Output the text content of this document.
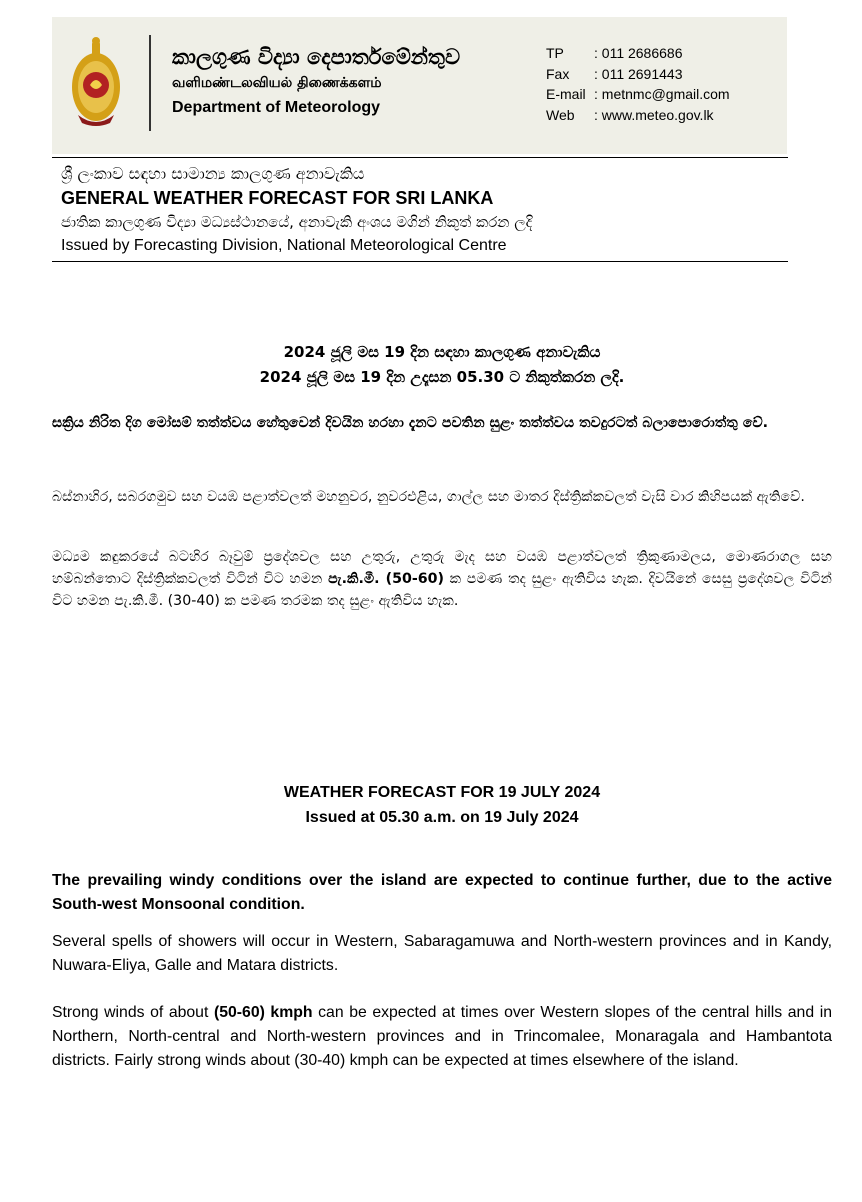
කාලගුණ විද්‍යා දෙපාර්තමේන්තුව
வளிமண்டலவியல் திணைக்களம்
Department of Meteorology
TP	: 011 2686686
Fax	: 011 2691443
E-mail : metnmc@gmail.com
Web	: www.meteo.gov.lk
ශ්‍රී ලංකාව සඳහා සාමාන්‍ය කාලගුණ අනාවැකිය
GENERAL WEATHER FORECAST FOR SRI LANKA
ජාතික කාලගුණ විද්‍යා මධ්‍යස්ථානයේ, අනාවැකි අංශය මගින් නිකුත් කරන ලදි
Issued by Forecasting Division, National Meteorological Centre
2024 ජූලි මස 19 දින සඳහා කාලගුණ අනාවැකිය
2024 ජූලි මස 19 දින උදෑසන 05.30 ට නිකුත්කරන ලදි.
සක්‍රිය නිරිත දිග මෝසම් තත්ත්වය හේතුවෙන් දිවයින හරහා දැනට පවතින සුළං තත්ත්වය තවදුරටත් බලාපොරොත්තු වේ.
බස්නාහිර, සබරගමුව සහ වයඹ පළාත්වලත් මහනුවර, නුවරඑළිය, ගාල්ල සහ මාතර දිස්ත්‍රික්කවලත් වැසි වාර කිහිපයක් ඇතිවේ.
මධ්‍යම කඳුකරයේ බටහිර බෑවුම් ප්‍රදේශවල සහ උතුරු, උතුරු මැද සහ වයඹ පළාත්වලත් ත්‍රිකුණාමලය, මොණරාගල සහ හම්බන්තොට දිස්ත්‍රික්කවලත් විටින් විට හමන පැ.කි.මී. (50-60) ක පමණ තද සුළං ඇතිවිය හැක. දිවයිනේ සෙසු ප්‍රදේශවල විටින් විට හමන පැ.කි.මී. (30-40) ක පමණ තරමක තද සුළං ඇතිවිය හැක.
WEATHER FORECAST FOR 19 JULY 2024
Issued at 05.30 a.m. on 19 July 2024
The prevailing windy conditions over the island are expected to continue further, due to the active South-west Monsoonal condition.
Several spells of showers will occur in Western, Sabaragamuwa and North-western provinces and in Kandy, Nuwara-Eliya, Galle and Matara districts.
Strong winds of about (50-60) kmph can be expected at times over Western slopes of the central hills and in Northern, North-central and North-western provinces and in Trincomalee, Monaragala and Hambantota districts. Fairly strong winds about (30-40) kmph can be expected at times elsewhere of the island.
